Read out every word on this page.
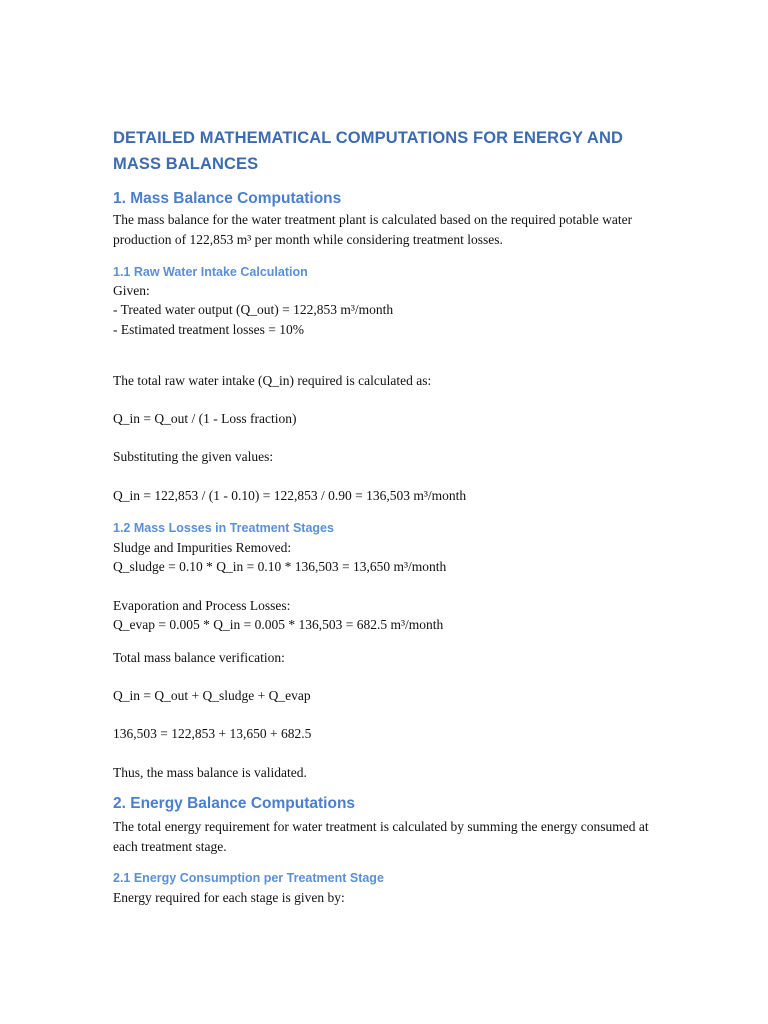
DETAILED MATHEMATICAL COMPUTATIONS FOR ENERGY AND MASS BALANCES
1. Mass Balance Computations

The mass balance for the water treatment plant is calculated based on the required potable water production of 122,853 m³ per month while considering treatment losses.

1.1 Raw Water Intake Calculation

Given:

- Treated water output (Q_out) = 122,853 m³/month

- Estimated treatment losses = 10%

The total raw water intake (Q_in) required is calculated as:

Q_in = Q_out / (1 - Loss fraction)

Substituting the given values:

Q_in = 122,853 / (1 - 0.10) = 122,853 / 0.90 = 136,503 m³/month

1.2 Mass Losses in Treatment Stages

Sludge and Impurities Removed:

Q_sludge = 0.10 * Q_in = 0.10 * 136,503 = 13,650 m³/month

Evaporation and Process Losses:

Q_evap = 0.005 * Q_in = 0.005 * 136,503 = 682.5 m³/month

Total mass balance verification:

Q_in = Q_out + Q_sludge + Q_evap

136,503 = 122,853 + 13,650 + 682.5

Thus, the mass balance is validated.

2. Energy Balance Computations

The total energy requirement for water treatment is calculated by summing the energy consumed at each treatment stage.

2.1 Energy Consumption per Treatment Stage

Energy required for each stage is given by:
